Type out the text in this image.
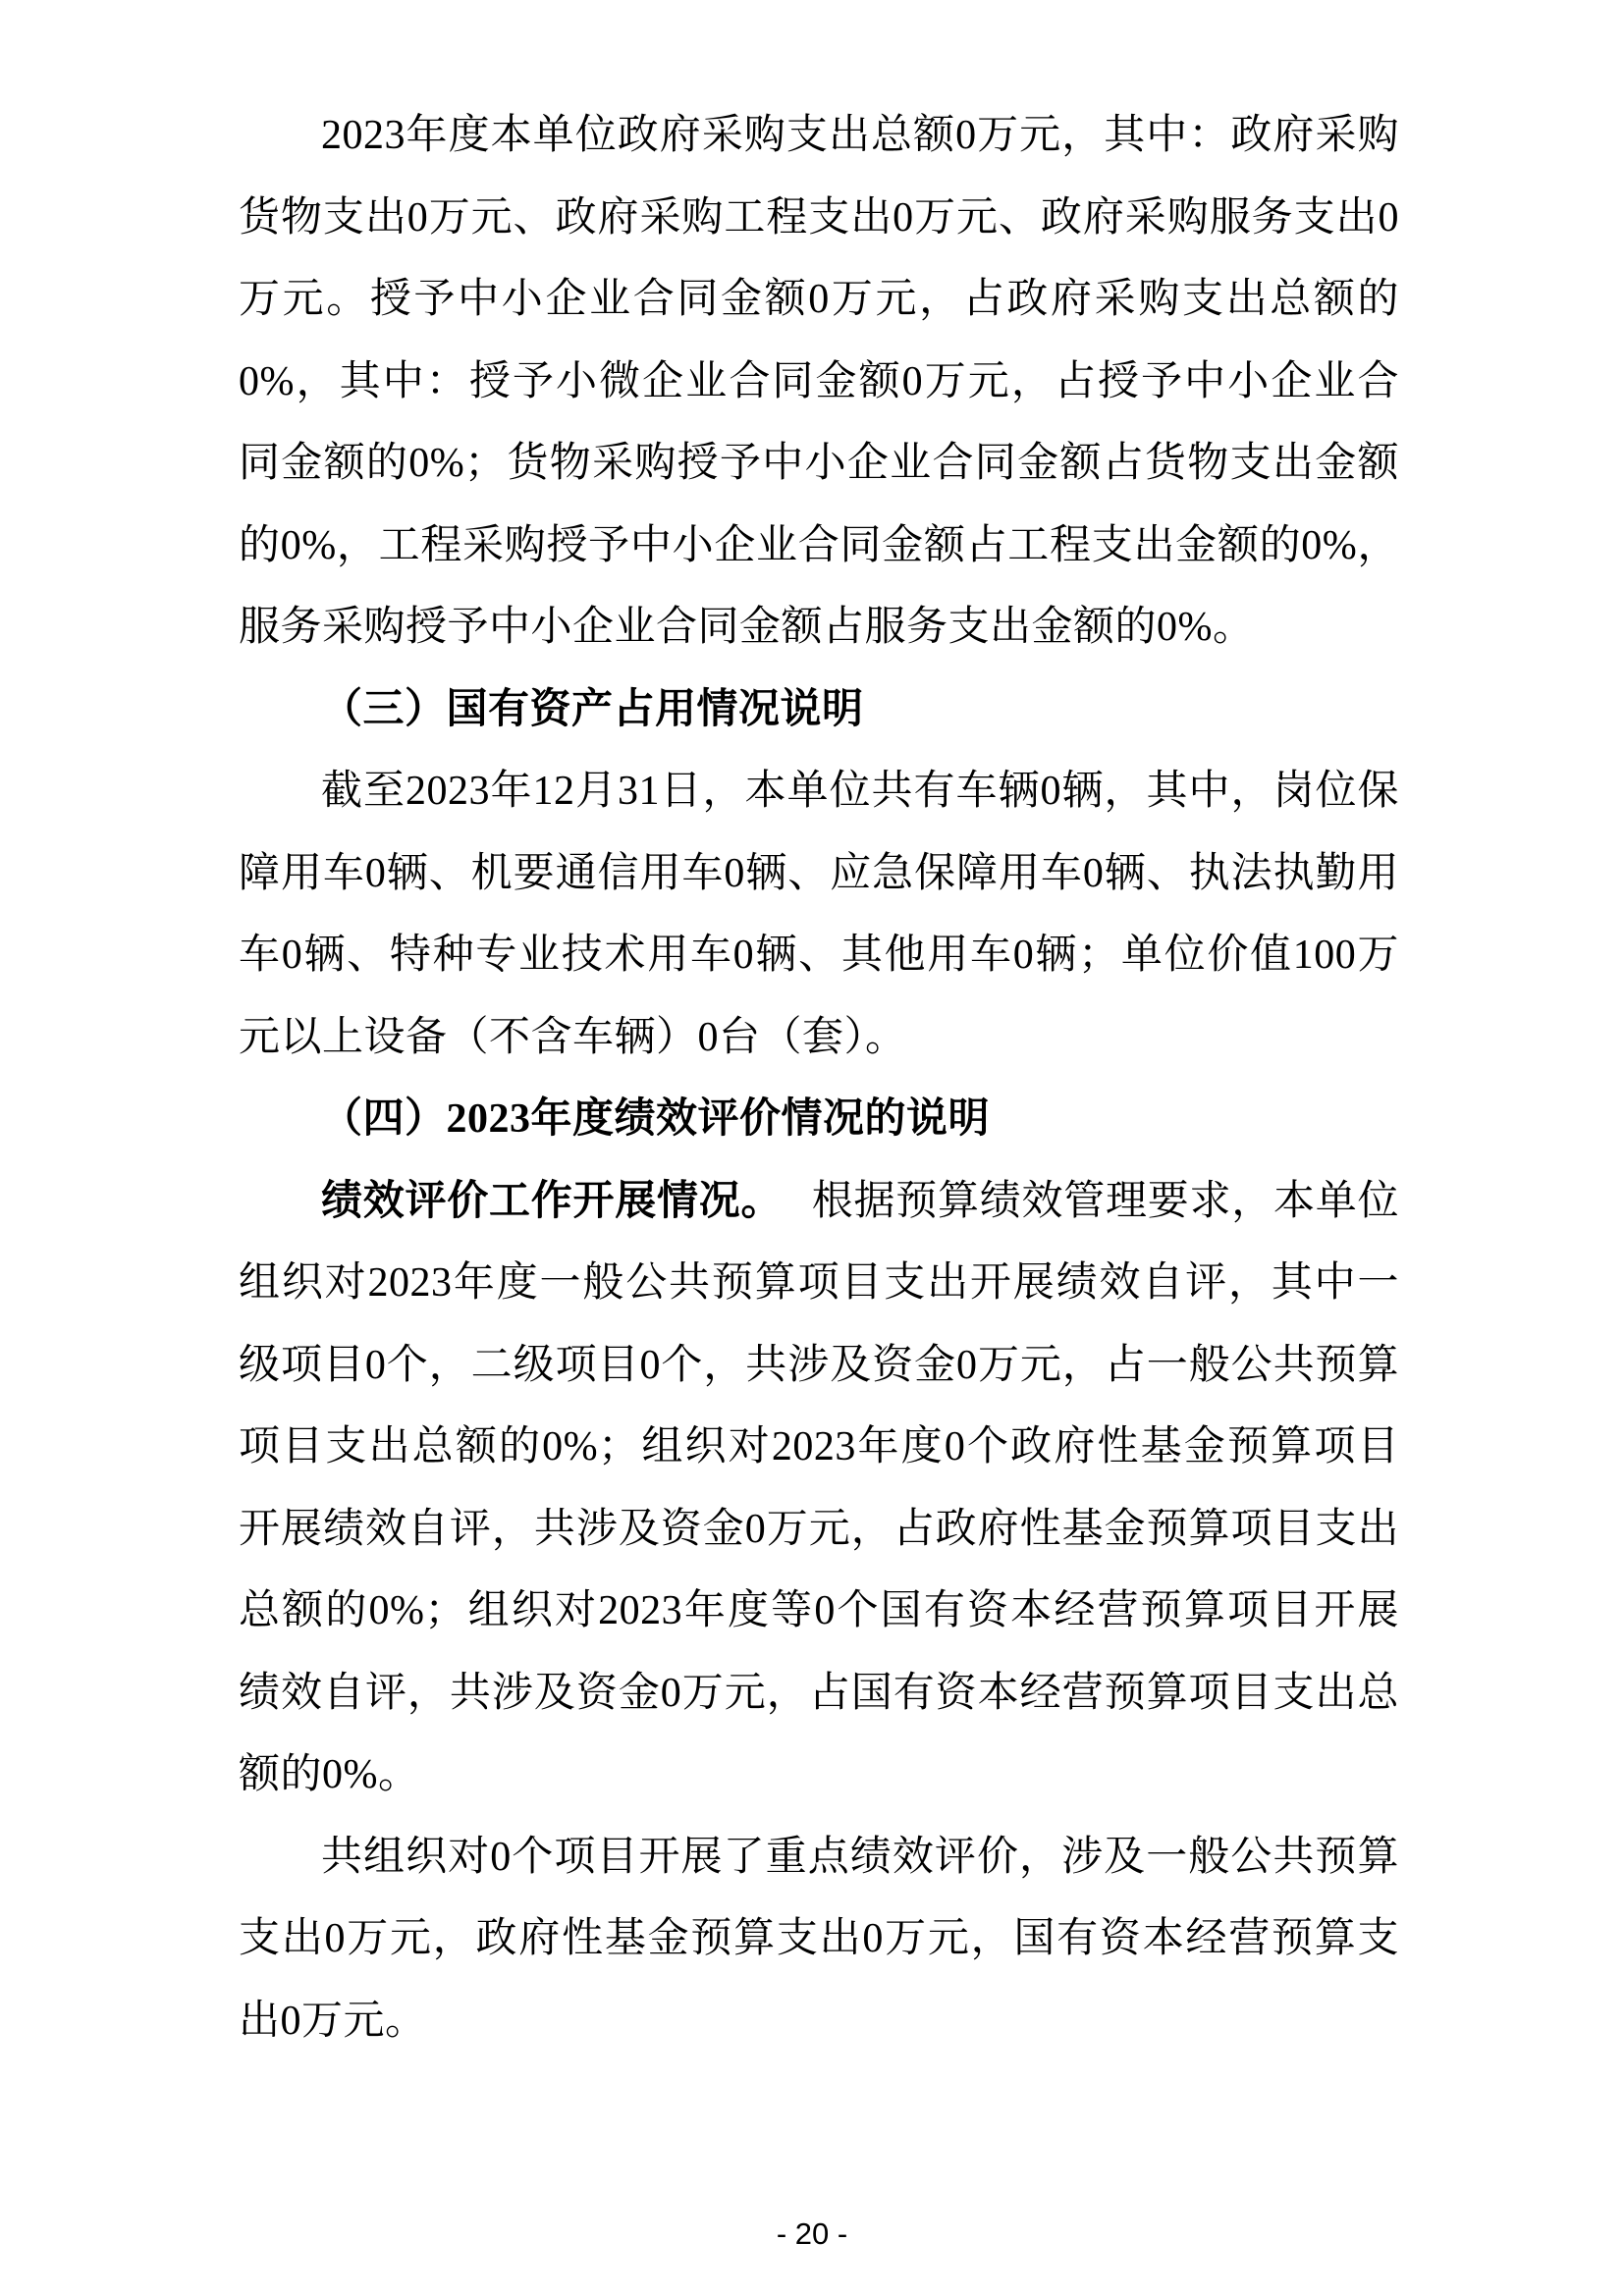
2023年度本单位政府采购支出总额0万元，其中：政府采购货物支出0万元、政府采购工程支出0万元、政府采购服务支出0万元。授予中小企业合同金额0万元，占政府采购支出总额的0%，其中：授予小微企业合同金额0万元，占授予中小企业合同金额的0%；货物采购授予中小企业合同金额占货物支出金额的0%，工程采购授予中小企业合同金额占工程支出金额的0%，服务采购授予中小企业合同金额占服务支出金额的0%。

（三）国有资产占用情况说明

截至2023年12月31日，本单位共有车辆0辆，其中，岗位保障用车0辆、机要通信用车0辆、应急保障用车0辆、执法执勤用车0辆、特种专业技术用车0辆、其他用车0辆；单位价值100万元以上设备（不含车辆）0台（套）。

（四）2023年度绩效评价情况的说明

绩效评价工作开展情况。 根据预算绩效管理要求，本单位组织对2023年度一般公共预算项目支出开展绩效自评，其中一级项目0个，二级项目0个，共涉及资金0万元，占一般公共预算项目支出总额的0%；组织对2023年度0个政府性基金预算项目开展绩效自评，共涉及资金0万元，占政府性基金预算项目支出总额的0%；组织对2023年度等0个国有资本经营预算项目开展绩效自评，共涉及资金0万元，占国有资本经营预算项目支出总额的0%。

共组织对0个项目开展了重点绩效评价，涉及一般公共预算支出0万元，政府性基金预算支出0万元，国有资本经营预算支出0万元。

- 20 -
